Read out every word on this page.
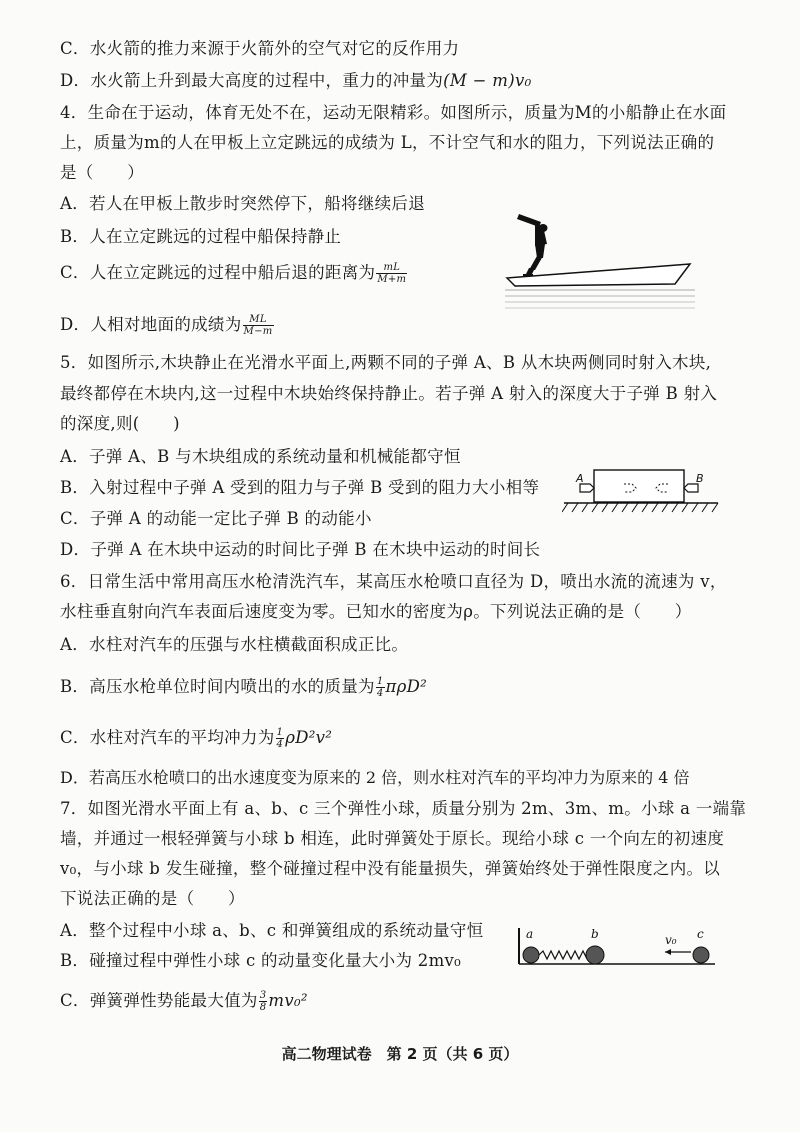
C．水火箭的推力来源于火箭外的空气对它的反作用力
D．水火箭上升到最大高度的过程中，重力的冲量为(M − m)v₀
4．生命在于运动，体育无处不在，运动无限精彩。如图所示，质量为M的小船静止在水面
上，质量为m的人在甲板上立定跳远的成绩为 L，不计空气和水的阻力，下列说法正确的
是（　　）
A．若人在甲板上散步时突然停下，船将继续后退
B．人在立定跳远的过程中船保持静止
C．人在立定跳远的过程中船后退的距离为 $\frac{mL}{M+m}$
D．人相对地面的成绩为 $\frac{ML}{M-m}$
5．如图所示,木块静止在光滑水平面上,两颗不同的子弹 A、B 从木块两侧同时射入木块,
最终都停在木块内,这一过程中木块始终保持静止。若子弹 A 射入的深度大于子弹 B 射入
的深度,则(　　)
A．子弹 A、B 与木块组成的系统动量和机械能都守恒
B．入射过程中子弹 A 受到的阻力与子弹 B 受到的阻力大小相等
C．子弹 A 的动能一定比子弹 B 的动能小
D．子弹 A 在木块中运动的时间比子弹 B 在木块中运动的时间长
A	B
6．日常生活中常用高压水枪清洗汽车，某高压水枪喷口直径为 D，喷出水流的流速为 v，
水柱垂直射向汽车表面后速度变为零。已知水的密度为ρ。下列说法正确的是（　　）
A．水柱对汽车的压强与水柱横截面积成正比。
B．高压水枪单位时间内喷出的水的质量为 $\frac{1}{4} \pi\rho D^2$
C．水柱对汽车的平均冲力为 $\frac{1}{4} \rho D^2v^2$
D．若高压水枪喷口的出水速度变为原来的 2 倍，则水柱对汽车的平均冲力为原来的 4 倍
7．如图光滑水平面上有 a、b、c 三个弹性小球，质量分别为 2m、3m、m。小球 a 一端靠
墙，并通过一根轻弹簧与小球 b 相连，此时弹簧处于原长。现给小球 c 一个向左的初速度
v₀，与小球 b 发生碰撞，整个碰撞过程中没有能量损失，弹簧始终处于弹性限度之内。以
下说法正确的是（　　）
A．整个过程中小球 a、b、c 和弹簧组成的系统动量守恒
B．碰撞过程中弹性小球 c 的动量变化量大小为 2mv₀
C．弹簧弹性势能最大值为 $\frac{3}{8} mv_0^2$
a	b	v₀ c
高二物理试卷　第 2 页（共 6 页）
